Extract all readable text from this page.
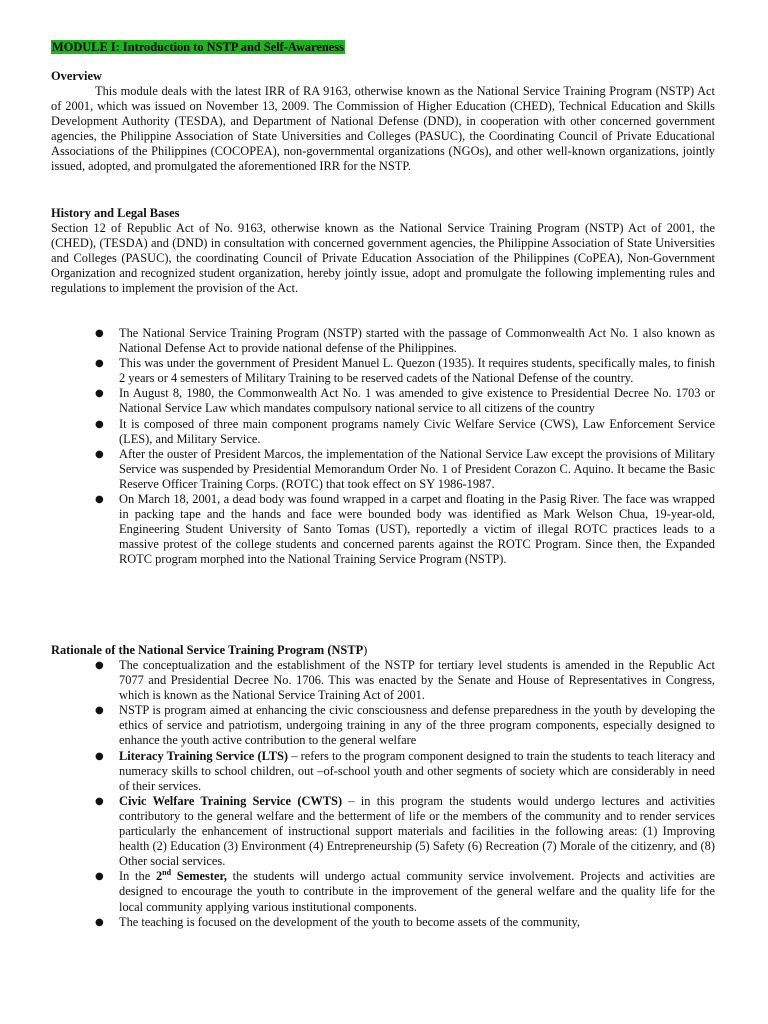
MODULE I: Introduction to NSTP and Self-Awareness
Overview
This module deals with the latest IRR of RA 9163, otherwise known as the National Service Training Program (NSTP) Act of 2001, which was issued on November 13, 2009. The Commission of Higher Education (CHED), Technical Education and Skills Development Authority (TESDA), and Department of National Defense (DND), in cooperation with other concerned government agencies, the Philippine Association of State Universities and Colleges (PASUC), the Coordinating Council of Private Educational Associations of the Philippines (COCOPEA), non-governmental organizations (NGOs), and other well-known organizations, jointly issued, adopted, and promulgated the aforementioned IRR for the NSTP.
History and Legal Bases
Section 12 of Republic Act of No. 9163, otherwise known as the National Service Training Program (NSTP) Act of 2001, the (CHED), (TESDA) and (DND) in consultation with concerned government agencies, the Philippine Association of State Universities and Colleges (PASUC), the coordinating Council of Private Education Association of the Philippines (CoPEA), Non-Government Organization and recognized student organization, hereby jointly issue, adopt and promulgate the following implementing rules and regulations to implement the provision of the Act.
● The National Service Training Program (NSTP) started with the passage of Commonwealth Act No. 1 also known as National Defense Act to provide national defense of the Philippines.
● This was under the government of President Manuel L. Quezon (1935). It requires students, specifically males, to finish 2 years or 4 semesters of Military Training to be reserved cadets of the National Defense of the country.
● In August 8, 1980, the Commonwealth Act No. 1 was amended to give existence to Presidential Decree No. 1703 or National Service Law which mandates compulsory national service to all citizens of the country
● It is composed of three main component programs namely Civic Welfare Service (CWS), Law Enforcement Service (LES), and Military Service.
● After the ouster of President Marcos, the implementation of the National Service Law except the provisions of Military Service was suspended by Presidential Memorandum Order No. 1 of President Corazon C. Aquino. It became the Basic Reserve Officer Training Corps. (ROTC) that took effect on SY 1986-1987.
● On March 18, 2001, a dead body was found wrapped in a carpet and floating in the Pasig River. The face was wrapped in packing tape and the hands and face were bounded body was identified as Mark Welson Chua, 19-year-old, Engineering Student University of Santo Tomas (UST), reportedly a victim of illegal ROTC practices leads to a massive protest of the college students and concerned parents against the ROTC Program. Since then, the Expanded ROTC program morphed into the National Training Service Program (NSTP).
Rationale of the National Service Training Program (NSTP)
● The conceptualization and the establishment of the NSTP for tertiary level students is amended in the Republic Act 7077 and Presidential Decree No. 1706. This was enacted by the Senate and House of Representatives in Congress, which is known as the National Service Training Act of 2001.
● NSTP is program aimed at enhancing the civic consciousness and defense preparedness in the youth by developing the ethics of service and patriotism, undergoing training in any of the three program components, especially designed to enhance the youth active contribution to the general welfare
● Literacy Training Service (LTS) – refers to the program component designed to train the students to teach literacy and numeracy skills to school children, out –of-school youth and other segments of society which are considerably in need of their services.
● Civic Welfare Training Service (CWTS) – in this program the students would undergo lectures and activities contributory to the general welfare and the betterment of life or the members of the community and to render services particularly the enhancement of instructional support materials and facilities in the following areas: (1) Improving health (2) Education (3) Environment (4) Entrepreneurship (5) Safety (6) Recreation (7) Morale of the citizenry, and (8) Other social services.
● In the 2nd Semester, the students will undergo actual community service involvement. Projects and activities are designed to encourage the youth to contribute in the improvement of the general welfare and the quality life for the local community applying various institutional components.
● The teaching is focused on the development of the youth to become assets of the community,
